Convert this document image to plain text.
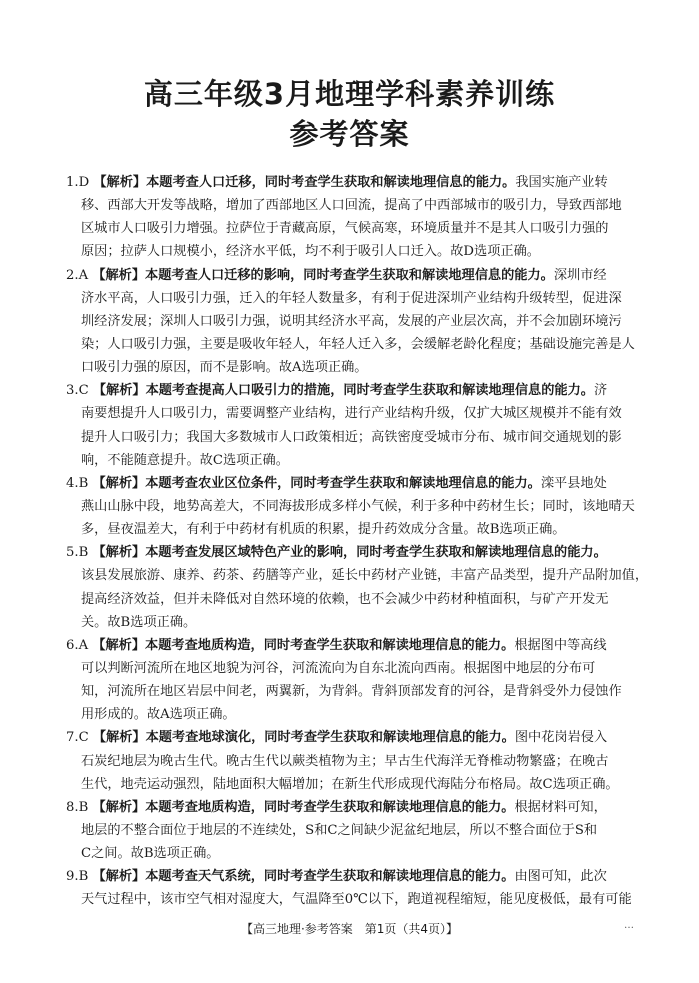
高三年级3月地理学科素养训练
参考答案
1.D 【解析】本题考查人口迁移，同时考查学生获取和解读地理信息的能力。我国实施产业转
移、西部大开发等战略，增加了西部地区人口回流，提高了中西部城市的吸引力，导致西部地
区城市人口吸引力增强。拉萨位于青藏高原，气候高寒，环境质量并不是其人口吸引力强的
原因；拉萨人口规模小，经济水平低，均不利于吸引人口迁入。故D选项正确。
2.A 【解析】本题考查人口迁移的影响，同时考查学生获取和解读地理信息的能力。深圳市经
济水平高，人口吸引力强，迁入的年轻人数量多，有利于促进深圳产业结构升级转型，促进深
圳经济发展；深圳人口吸引力强，说明其经济水平高，发展的产业层次高，并不会加剧环境污
染；人口吸引力强，主要是吸收年轻人，年轻人迁入多，会缓解老龄化程度；基础设施完善是人
口吸引力强的原因，而不是影响。故A选项正确。
3.C 【解析】本题考查提高人口吸引力的措施，同时考查学生获取和解读地理信息的能力。济
南要想提升人口吸引力，需要调整产业结构，进行产业结构升级，仅扩大城区规模并不能有效
提升人口吸引力；我国大多数城市人口政策相近；高铁密度受城市分布、城市间交通规划的影
响，不能随意提升。故C选项正确。
4.B 【解析】本题考查农业区位条件，同时考查学生获取和解读地理信息的能力。滦平县地处
燕山山脉中段，地势高差大，不同海拔形成多样小气候，利于多种中药材生长；同时，该地晴天
多，昼夜温差大，有利于中药材有机质的积累，提升药效成分含量。故B选项正确。
5.B 【解析】本题考查发展区域特色产业的影响，同时考查学生获取和解读地理信息的能力。
该县发展旅游、康养、药茶、药膳等产业，延长中药材产业链，丰富产品类型，提升产品附加值，
提高经济效益，但并未降低对自然环境的依赖，也不会减少中药材种植面积，与矿产开发无
关。故B选项正确。
6.A 【解析】本题考查地质构造，同时考查学生获取和解读地理信息的能力。根据图中等高线
可以判断河流所在地区地貌为河谷，河流流向为自东北流向西南。根据图中地层的分布可
知，河流所在地区岩层中间老，两翼新，为背斜。背斜顶部发育的河谷，是背斜受外力侵蚀作
用形成的。故A选项正确。
7.C 【解析】本题考查地球演化，同时考查学生获取和解读地理信息的能力。图中花岗岩侵入
石炭纪地层为晚古生代。晚古生代以蕨类植物为主；早古生代海洋无脊椎动物繁盛；在晚古
生代，地壳运动强烈，陆地面积大幅增加；在新生代形成现代海陆分布格局。故C选项正确。
8.B 【解析】本题考查地质构造，同时考查学生获取和解读地理信息的能力。根据材料可知，
地层的不整合面位于地层的不连续处，S和C之间缺少泥盆纪地层，所以不整合面位于S和
C之间。故B选项正确。
9.B 【解析】本题考查天气系统，同时考查学生获取和解读地理信息的能力。由图可知，此次
天气过程中，该市空气相对湿度大，气温降至0℃以下，跑道视程缩短，能见度极低，最有可能
【高三地理·参考答案　第1页（共4页）】	…
